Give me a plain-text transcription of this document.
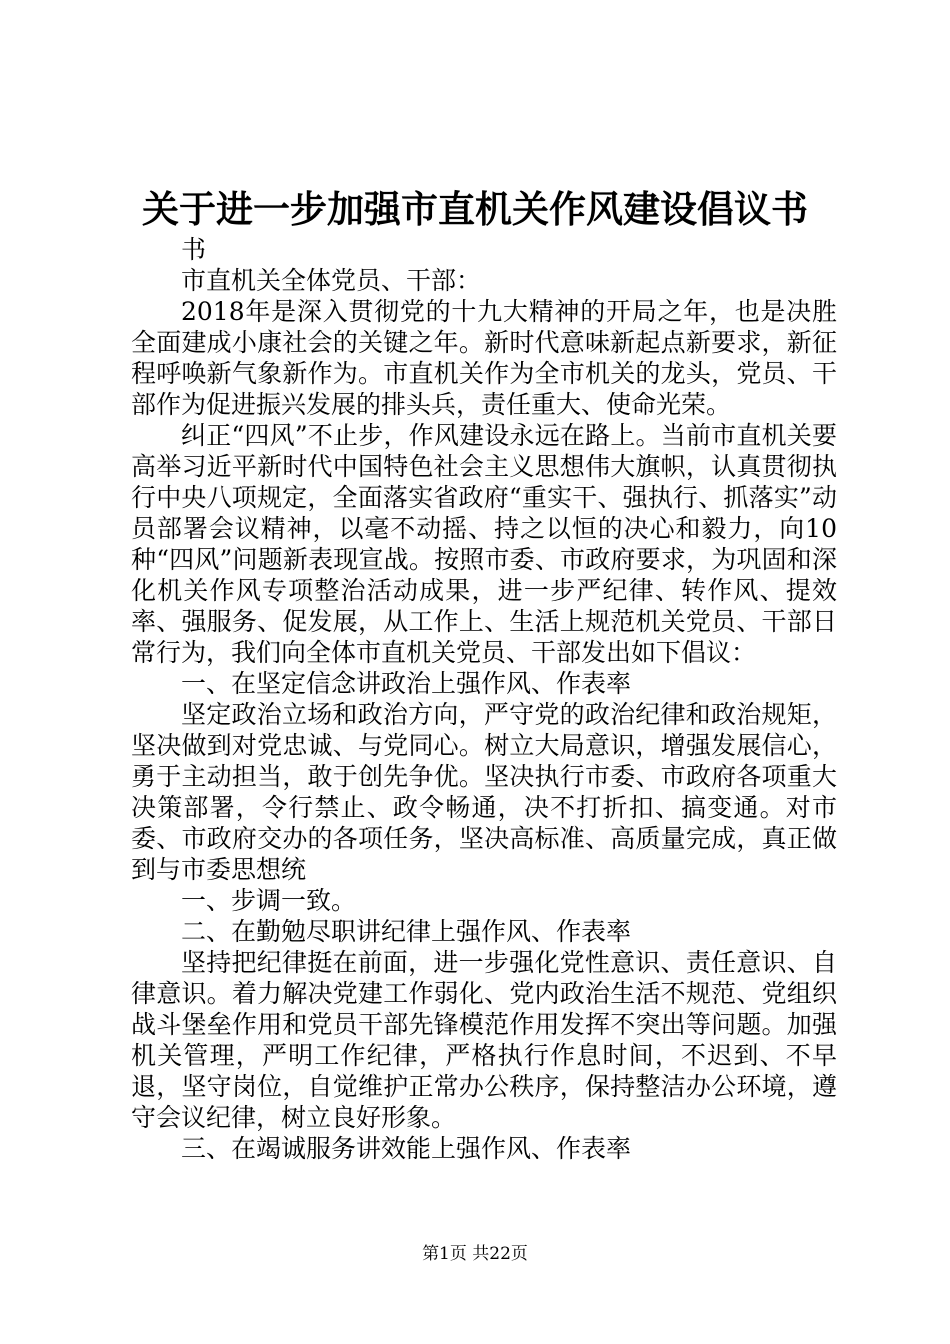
关于进一步加强市直机关作风建设倡议书

书

市直机关全体党员、干部：

2018年是深入贯彻党的十九大精神的开局之年，也是决胜全面建成小康社会的关键之年。新时代意味新起点新要求，新征程呼唤新气象新作为。市直机关作为全市机关的龙头，党员、干部作为促进振兴发展的排头兵，责任重大、使命光荣。

纠正“四风”不止步，作风建设永远在路上。当前市直机关要高举习近平新时代中国特色社会主义思想伟大旗帜，认真贯彻执行中央八项规定，全面落实省政府“重实干、强执行、抓落实”动员部署会议精神，以毫不动摇、持之以恒的决心和毅力，向10种“四风”问题新表现宣战。按照市委、市政府要求，为巩固和深化机关作风专项整治活动成果，进一步严纪律、转作风、提效率、强服务、促发展，从工作上、生活上规范机关党员、干部日常行为，我们向全体市直机关党员、干部发出如下倡议：

一、在坚定信念讲政治上强作风、作表率

坚定政治立场和政治方向，严守党的政治纪律和政治规矩，坚决做到对党忠诚、与党同心。树立大局意识，增强发展信心，勇于主动担当，敢于创先争优。坚决执行市委、市政府各项重大决策部署，令行禁止、政令畅通，决不打折扣、搞变通。对市委、市政府交办的各项任务，坚决高标准、高质量完成，真正做到与市委思想统

一、步调一致。

二、在勤勉尽职讲纪律上强作风、作表率

坚持把纪律挺在前面，进一步强化党性意识、责任意识、自律意识。着力解决党建工作弱化、党内政治生活不规范、党组织战斗堡垒作用和党员干部先锋模范作用发挥不突出等问题。加强机关管理，严明工作纪律，严格执行作息时间，不迟到、不早退，坚守岗位，自觉维护正常办公秩序，保持整洁办公环境，遵守会议纪律，树立良好形象。

三、在竭诚服务讲效能上强作风、作表率

第1页 共22页
